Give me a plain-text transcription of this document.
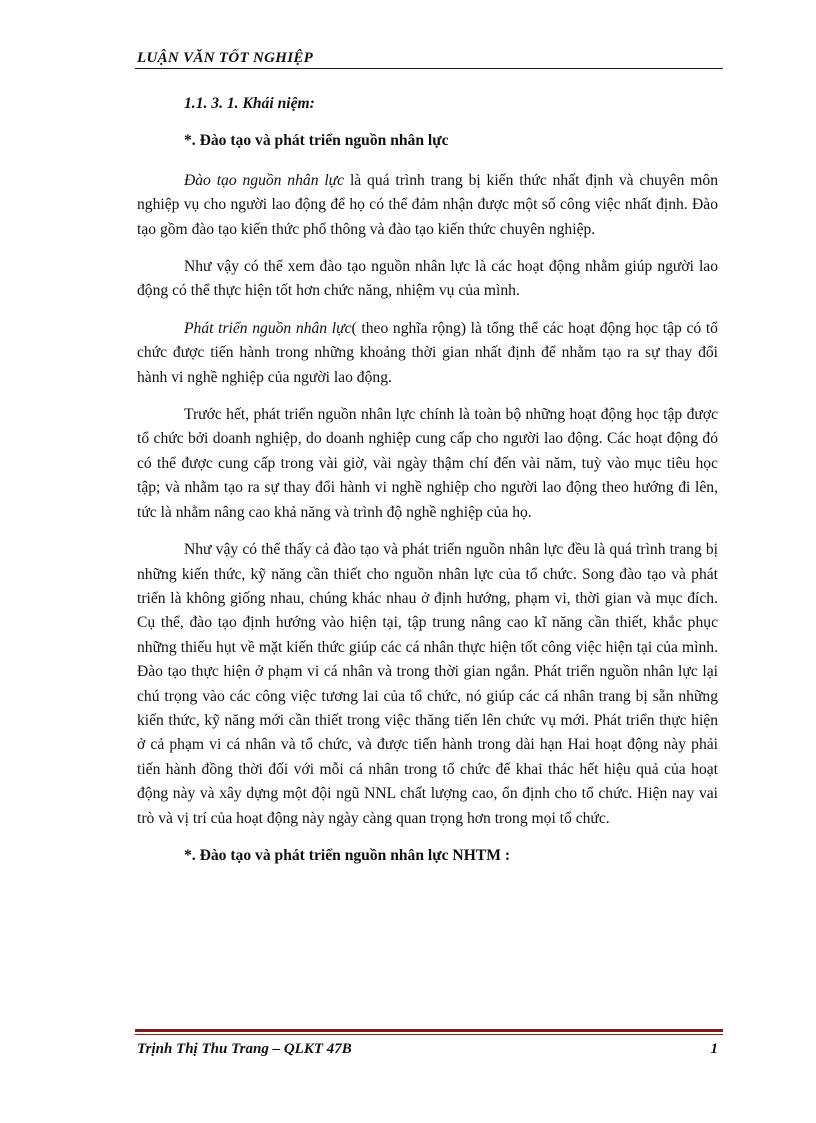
LUẬN VĂN TỐT NGHIỆP
1.1. 3. 1. Khái niệm:
*. Đào tạo và phát triển nguồn nhân lực

Đào tạo nguồn nhân lực là quá trình trang bị kiến thức nhất định và chuyên môn nghiệp vụ cho người lao động để họ có thể đảm nhận được một số công việc nhất định. Đào tạo gồm đào tạo kiến thức phổ thông và đào tạo kiến thức chuyên nghiệp.

Như vậy có thể xem đào tạo nguồn nhân lực là các hoạt động nhằm giúp người lao động có thể thực hiện tốt hơn chức năng, nhiệm vụ của mình.

Phát triển nguồn nhân lực( theo nghĩa rộng) là tổng thể các hoạt động học tập có tổ chức được tiến hành trong những khoảng thời gian nhất định để nhằm tạo ra sự thay đổi hành vi nghề nghiệp của người lao động.

Trước hết, phát triển nguồn nhân lực chính là toàn bộ những hoạt động học tập được tổ chức bởi doanh nghiệp, do doanh nghiệp cung cấp cho người lao động. Các hoạt động đó có thể được cung cấp trong vài giờ, vài ngày thậm chí đến vài năm, tuỳ vào mục tiêu học tập; và nhằm tạo ra sự thay đổi hành vi nghề nghiệp cho người lao động theo hướng đi lên, tức là nhằm nâng cao khả năng và trình độ nghề nghiệp của họ.

Như vậy có thể thấy cả đào tạo và phát triển nguồn nhân lực đều là quá trình trang bị những kiến thức, kỹ năng cần thiết cho nguồn nhân lực của tổ chức. Song đào tạo và phát triển là không giống nhau, chúng khác nhau ở định hướng, phạm vi, thời gian và mục đích. Cụ thể, đào tạo định hướng vào hiện tại, tập trung nâng cao kĩ năng cần thiết, khắc phục những thiếu hụt về mặt kiến thức giúp các cá nhân thực hiện tốt công việc hiện tại của mình. Đào tạo thực hiện ở phạm vi cá nhân và trong thời gian ngắn. Phát triển nguồn nhân lực lại chú trọng vào các công việc tương lai của tổ chức, nó giúp các cá nhân trang bị sẵn những kiến thức, kỹ năng mới cần thiết trong việc thăng tiến lên chức vụ mới. Phát triển thực hiện ở cả phạm vi cá nhân và tổ chức, và được tiến hành trong dài hạn Hai hoạt động này phải tiến hành đồng thời đối với mỗi cá nhân trong tổ chức để khai thác hết hiệu quả của hoạt động này và xây dựng một đội ngũ NNL chất lượng cao, ổn định cho tổ chức. Hiện nay vai trò và vị trí của hoạt động này ngày càng quan trọng hơn trong mọi tổ chức.

*. Đào tạo và phát triển nguồn nhân lực NHTM :
Trịnh Thị Thu Trang – QLKT 47B	1
